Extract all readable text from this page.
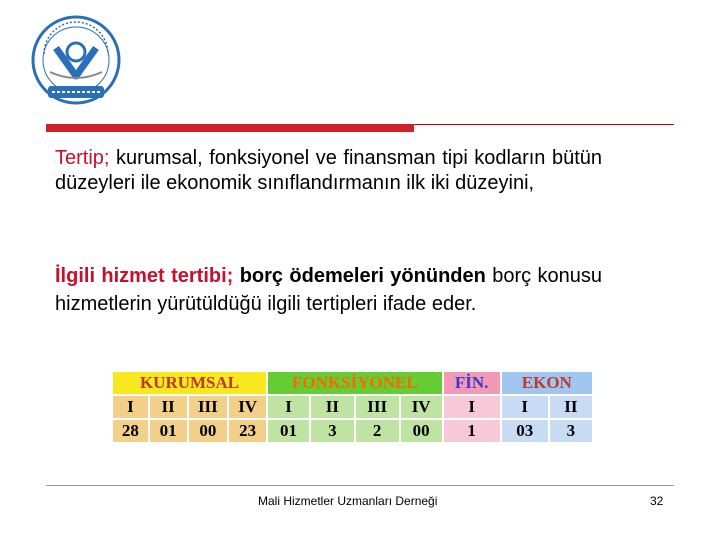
Tertip; kurumsal, fonksiyonel ve finansman tipi kodların bütün düzeyleri ile ekonomik sınıflandırmanın ilk iki düzeyini,
İlgili hizmet tertibi; borç ödemeleri yönünden borç konusu hizmetlerin yürütüldüğü ilgili tertipleri ifade eder.
KURUMSAL				FONKSİYONEL				FİN.	EKON	
I	II	III	IV	I	II	III	IV	I	I	II
28	01	00	23	01	3	2	00	1	03	3
Mali Hizmetler Uzmanları Derneği	32
